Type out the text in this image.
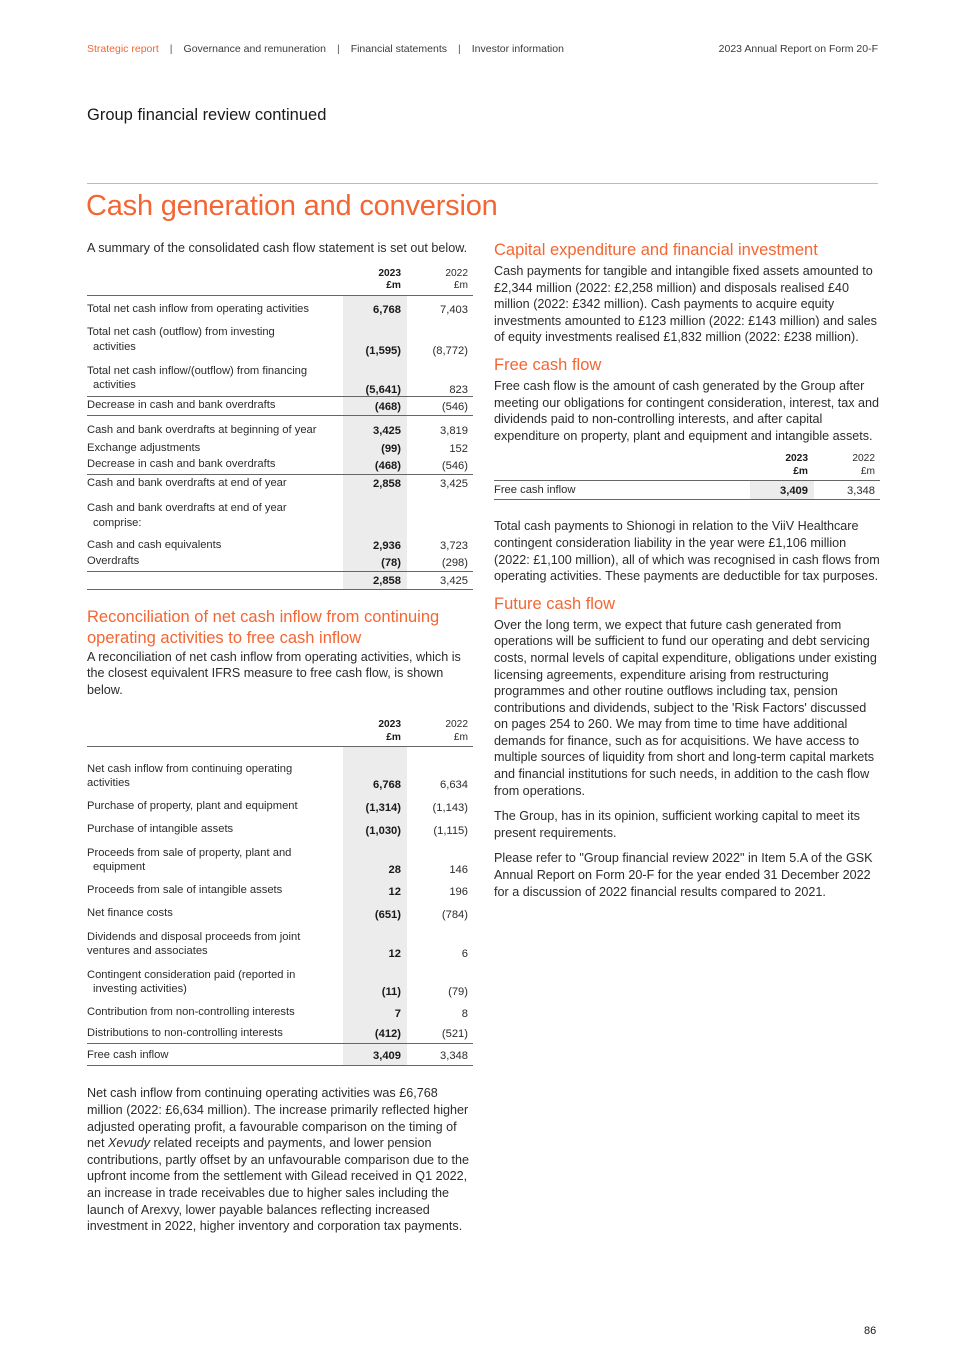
Strategic report | Governance and remuneration | Financial statements | Investor information	2023 Annual Report on Form 20-F
Group financial review continued
Cash generation and conversion

A summary of the consolidated cash flow statement is set out below.

	2023
£m	2022
£m
Total net cash inflow from operating activities	6,768	7,403
Total net cash (outflow) from investing
activities	(1,595)	(8,772)
Total net cash inflow/(outflow) from financing
activities	(5,641)	823
Decrease in cash and bank overdrafts	(468)	(546)
Cash and bank overdrafts at beginning of year	3,425	3,819
Exchange adjustments	(99)	152
Decrease in cash and bank overdrafts	(468)	(546)
Cash and bank overdrafts at end of year	2,858	3,425
Cash and bank overdrafts at end of year
comprise:		
Cash and cash equivalents	2,936	3,723
Overdrafts	(78)	(298)
	2,858	3,425
Reconciliation of net cash inflow from continuing operating activities to free cash inflow

A reconciliation of net cash inflow from operating activities, which is the closest equivalent IFRS measure to free cash flow, is shown below.

	2023
£m	2022
£m
Net cash inflow from continuing operating
activities	6,768	6,634
Purchase of property, plant and equipment	(1,314)	(1,143)
Purchase of intangible assets	(1,030)	(1,115)
Proceeds from sale of property, plant and
equipment	28	146
Proceeds from sale of intangible assets	12	196
Net finance costs	(651)	(784)
Dividends and disposal proceeds from joint
ventures and associates	12	6
Contingent consideration paid (reported in
investing activities)	(11)	(79)
Contribution from non-controlling interests	7	8
Distributions to non-controlling interests	(412)	(521)
Free cash inflow	3,409	3,348

Net cash inflow from continuing operating activities was £6,768 million (2022: £6,634 million). The increase primarily reflected higher adjusted operating profit, a favourable comparison on the timing of net Xevudy related receipts and payments, and lower pension contributions, partly offset by an unfavourable comparison due to the upfront income from the settlement with Gilead received in Q1 2022, an increase in trade receivables due to higher sales including the launch of Arexvy, lower payable balances reflecting increased investment in 2022, higher inventory and corporation tax payments.

Capital expenditure and financial investment

Cash payments for tangible and intangible fixed assets amounted to £2,344 million (2022: £2,258 million) and disposals realised £40 million (2022: £342 million). Cash payments to acquire equity investments amounted to £123 million (2022: £143 million) and sales of equity investments realised £1,832 million (2022: £238 million).

Free cash flow

Free cash flow is the amount of cash generated by the Group after meeting our obligations for contingent consideration, interest, tax and dividends paid to non-controlling interests, and after capital expenditure on property, plant and equipment and intangible assets.

	2023
£m	2022
£m
Free cash inflow	3,409	3,348

Total cash payments to Shionogi in relation to the ViiV Healthcare contingent consideration liability in the year were £1,106 million (2022: £1,100 million), all of which was recognised in cash flows from operating activities. These payments are deductible for tax purposes.

Future cash flow

Over the long term, we expect that future cash generated from operations will be sufficient to fund our operating and debt servicing costs, normal levels of capital expenditure, obligations under existing licensing agreements, expenditure arising from restructuring programmes and other routine outflows including tax, pension contributions and dividends, subject to the 'Risk Factors' discussed on pages 254 to 260. We may from time to time have additional demands for finance, such as for acquisitions. We have access to multiple sources of liquidity from short and long-term capital markets and financial institutions for such needs, in addition to the cash flow from operations.

The Group, has in its opinion, sufficient working capital to meet its present requirements.

Please refer to "Group financial review 2022" in Item 5.A of the GSK Annual Report on Form 20-F for the year ended 31 December 2022 for a discussion of 2022 financial results compared to 2021.

86
